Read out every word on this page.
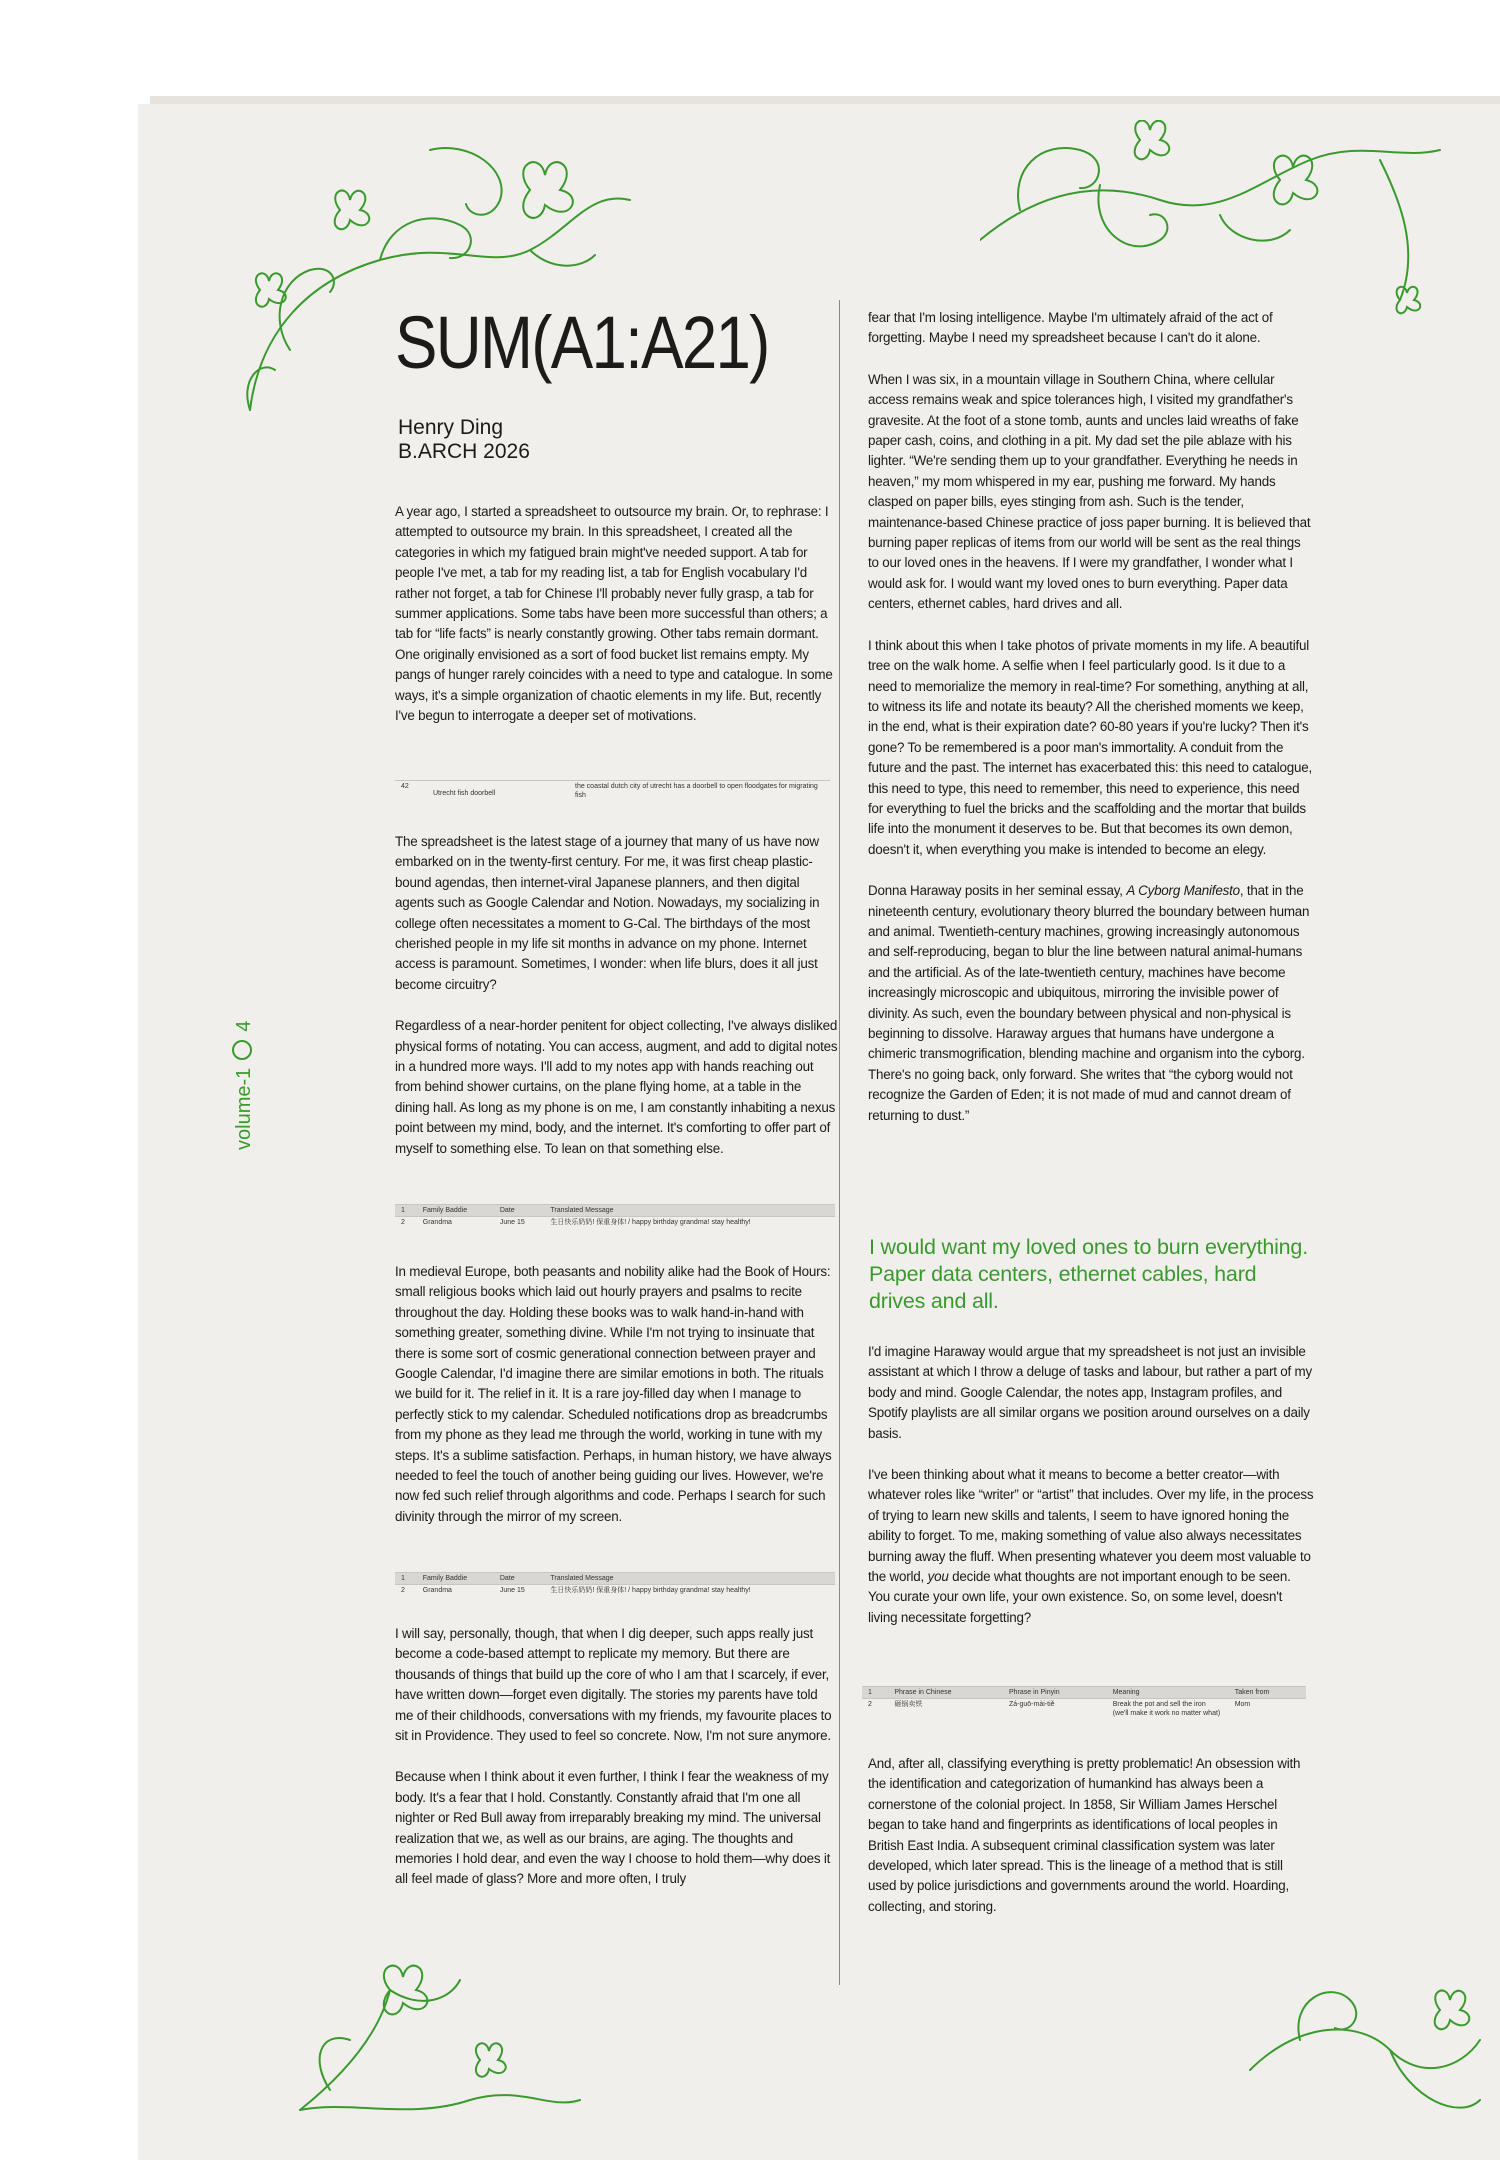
SUM(A1:A21)
Henry Ding
B.ARCH 2026
volume-14

A year ago, I started a spreadsheet to outsource my brain. Or, to rephrase: I attempted to outsource my brain. In this spreadsheet, I created all the categories in which my fatigued brain might've needed support. A tab for people I've met, a tab for my reading list, a tab for English vocabulary I'd rather not forget, a tab for Chinese I'll probably never fully grasp, a tab for summer applications. Some tabs have been more successful than others; a tab for “life facts” is nearly constantly growing. Other tabs remain dormant. One originally envisioned as a sort of food bucket list remains empty. My pangs of hunger rarely coincides with a need to type and catalogue. In some ways, it's a simple organization of chaotic elements in my life. But, recently I've begun to interrogate a deeper set of motivations.

42	Utrecht fish doorbell	the coastal dutch city of utrecht has a doorbell to open floodgates for migrating fish

The spreadsheet is the latest stage of a journey that many of us have now embarked on in the twenty-first century. For me, it was first cheap plastic-bound agendas, then internet-viral Japanese planners, and then digital agents such as Google Calendar and Notion. Nowadays, my socializing in college often necessitates a moment to G-Cal. The birthdays of the most cherished people in my life sit months in advance on my phone. Internet access is paramount. Sometimes, I wonder: when life blurs, does it all just become circuitry?

Regardless of a near-horder penitent for object collecting, I've always disliked physical forms of notating. You can access, augment, and add to digital notes in a hundred more ways. I'll add to my notes app with hands reaching out from behind shower curtains, on the plane flying home, at a table in the dining hall. As long as my phone is on me, I am constantly inhabiting a nexus point between my mind, body, and the internet. It's comforting to offer part of myself to something else. To lean on that something else.

1	Family Baddie	Date	Translated Message
2	Grandma	June 15	生日快乐奶奶! 保重身体! / happy birthday grandma! stay healthy!

In medieval Europe, both peasants and nobility alike had the Book of Hours: small religious books which laid out hourly prayers and psalms to recite throughout the day. Holding these books was to walk hand-in-hand with something greater, something divine. While I'm not trying to insinuate that there is some sort of cosmic generational connection between prayer and Google Calendar, I'd imagine there are similar emotions in both. The rituals we build for it. The relief in it. It is a rare joy-filled day when I manage to perfectly stick to my calendar. Scheduled notifications drop as breadcrumbs from my phone as they lead me through the world, working in tune with my steps. It's a sublime satisfaction. Perhaps, in human history, we have always needed to feel the touch of another being guiding our lives. However, we're now fed such relief through algorithms and code. Perhaps I search for such divinity through the mirror of my screen.

1	Family Baddie	Date	Translated Message
2	Grandma	June 15	生日快乐奶奶! 保重身体! / happy birthday grandma! stay healthy!

I will say, personally, though, that when I dig deeper, such apps really just become a code-based attempt to replicate my memory. But there are thousands of things that build up the core of who I am that I scarcely, if ever, have written down—forget even digitally. The stories my parents have told me of their childhoods, conversations with my friends, my favourite places to sit in Providence. They used to feel so concrete. Now, I'm not sure anymore.

Because when I think about it even further, I think I fear the weakness of my body. It's a fear that I hold. Constantly. Constantly afraid that I'm one all nighter or Red Bull away from irreparably breaking my mind. The universal realization that we, as well as our brains, are aging. The thoughts and memories I hold dear, and even the way I choose to hold them—why does it all feel made of glass? More and more often, I truly

fear that I'm losing intelligence. Maybe I'm ultimately afraid of the act of forgetting. Maybe I need my spreadsheet because I can't do it alone.

When I was six, in a mountain village in Southern China, where cellular access remains weak and spice tolerances high, I visited my grandfather's gravesite. At the foot of a stone tomb, aunts and uncles laid wreaths of fake paper cash, coins, and clothing in a pit. My dad set the pile ablaze with his lighter. “We're sending them up to your grandfather. Everything he needs in heaven,” my mom whispered in my ear, pushing me forward. My hands clasped on paper bills, eyes stinging from ash. Such is the tender, maintenance-based Chinese practice of joss paper burning. It is believed that burning paper replicas of items from our world will be sent as the real things to our loved ones in the heavens. If I were my grandfather, I wonder what I would ask for. I would want my loved ones to burn everything. Paper data centers, ethernet cables, hard drives and all.

I think about this when I take photos of private moments in my life. A beautiful tree on the walk home. A selfie when I feel particularly good. Is it due to a need to memorialize the memory in real-time? For something, anything at all, to witness its life and notate its beauty? All the cherished moments we keep, in the end, what is their expiration date? 60-80 years if you're lucky? Then it's gone? To be remembered is a poor man's immortality. A conduit from the future and the past. The internet has exacerbated this: this need to catalogue, this need to type, this need to remember, this need to experience, this need for everything to fuel the bricks and the scaffolding and the mortar that builds life into the monument it deserves to be. But that becomes its own demon, doesn't it, when everything you make is intended to become an elegy.

Donna Haraway posits in her seminal essay, A Cyborg Manifesto, that in the nineteenth century, evolutionary theory blurred the boundary between human and animal. Twentieth-century machines, growing increasingly autonomous and self-reproducing, began to blur the line between natural animal-humans and the artificial. As of the late-twentieth century, machines have become increasingly microscopic and ubiquitous, mirroring the invisible power of divinity. As such, even the boundary between physical and non-physical is beginning to dissolve. Haraway argues that humans have undergone a chimeric transmogrification, blending machine and organism into the cyborg. There's no going back, only forward. She writes that “the cyborg would not recognize the Garden of Eden; it is not made of mud and cannot dream of returning to dust.”

I would want my loved ones to burn everything. Paper data centers, ethernet cables, hard drives and all.

I'd imagine Haraway would argue that my spreadsheet is not just an invisible assistant at which I throw a deluge of tasks and labour, but rather a part of my body and mind. Google Calendar, the notes app, Instagram profiles, and Spotify playlists are all similar organs we position around ourselves on a daily basis.

I've been thinking about what it means to become a better creator—with whatever roles like “writer” or “artist” that includes. Over my life, in the process of trying to learn new skills and talents, I seem to have ignored honing the ability to forget. To me, making something of value also always necessitates burning away the fluff. When presenting whatever you deem most valuable to the world, you decide what thoughts are not important enough to be seen. You curate your own life, your own existence. So, on some level, doesn't living necessitate forgetting?

1	Phrase in Chinese	Phrase in Pinyin	Meaning	Taken from
2	砸锅卖铁	Zá-guō-mài-tiě	Break the pot and sell the iron (we'll make it work no matter what)	Mom

And, after all, classifying everything is pretty problematic! An obsession with the identification and categorization of humankind has always been a cornerstone of the colonial project. In 1858, Sir William James Herschel began to take hand and fingerprints as identifications of local peoples in British East India. A subsequent criminal classification system was later developed, which later spread. This is the lineage of a method that is still used by police jurisdictions and governments around the world. Hoarding, collecting, and storing.
